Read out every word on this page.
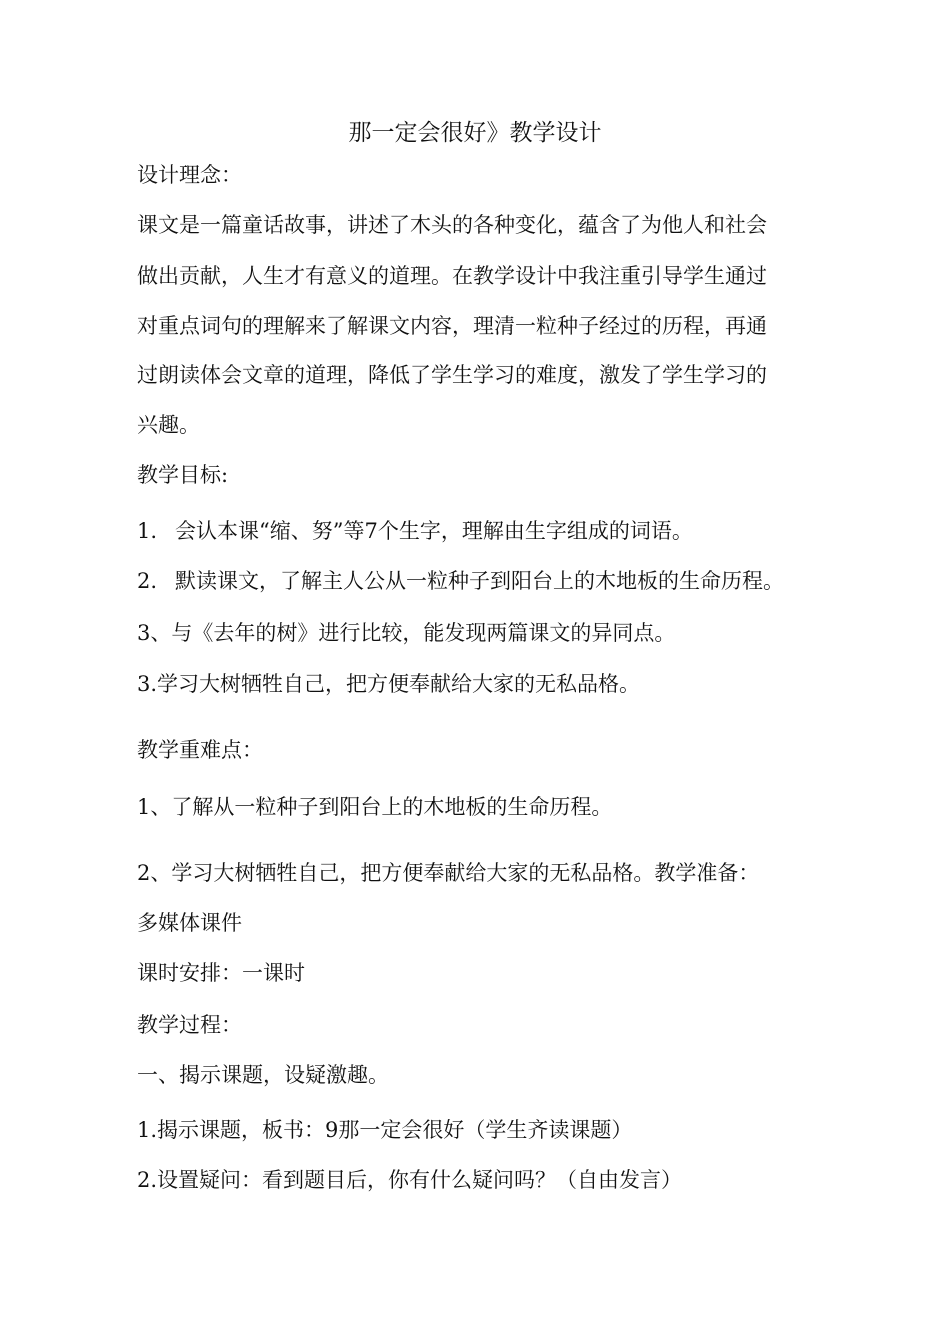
那一定会很好》教学设计
设计理念：
课文是一篇童话故事，讲述了木头的各种变化，蕴含了为他人和社会
做出贡献，人生才有意义的道理。在教学设计中我注重引导学生通过
对重点词句的理解来了解课文内容，理清一粒种子经过的历程，再通
过朗读体会文章的道理，降低了学生学习的难度，激发了学生学习的
兴趣。
教学目标:
1. 会认本课“缩、努”等7个生字，理解由生字组成的词语。
2. 默读课文，了解主人公从一粒种子到阳台上的木地板的生命历程。
3、与《去年的树》进行比较，能发现两篇课文的异同点。
3.学习大树牺牲自己，把方便奉献给大家的无私品格。
教学重难点：
1、了解从一粒种子到阳台上的木地板的生命历程。
2、学习大树牺牲自己，把方便奉献给大家的无私品格。教学准备：
多媒体课件
课时安排：一课时
教学过程：
一、揭示课题，设疑激趣。
1.揭示课题，板书：9那一定会很好（学生齐读课题）
2.设置疑问：看到题目后，你有什么疑问吗？（自由发言）
